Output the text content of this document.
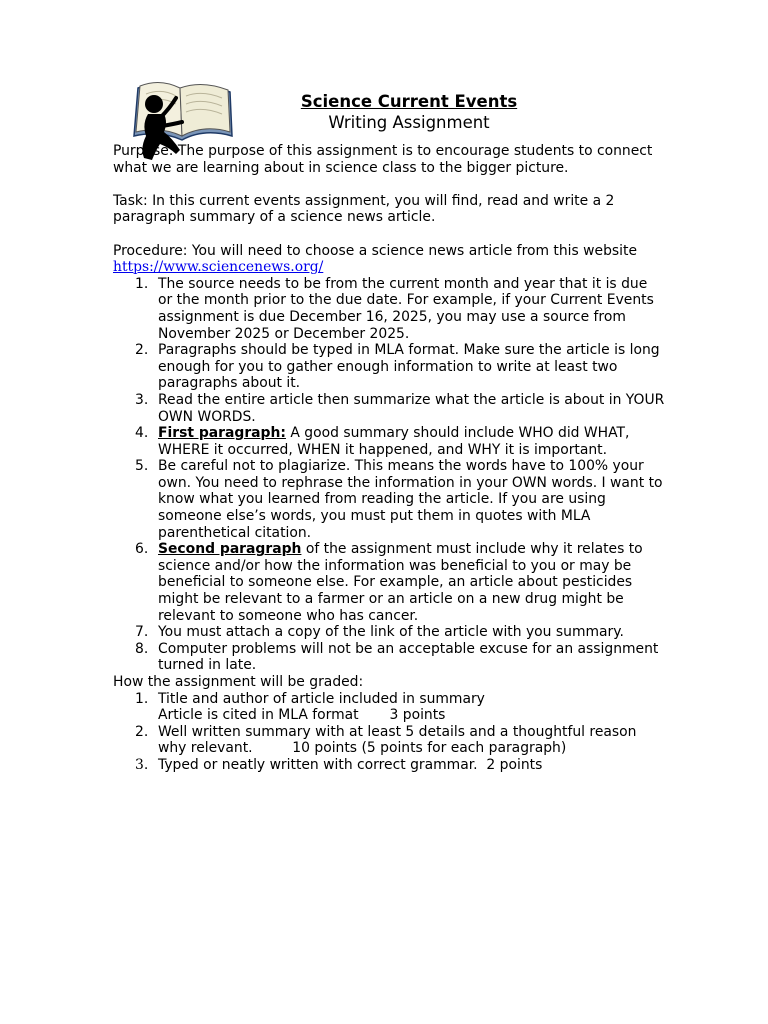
Science Current Events
Writing Assignment

Purpose: The purpose of this assignment is to encourage students to connect what we are learning about in science class to the bigger picture.

Task: In this current events assignment, you will find, read and write a 2 paragraph summary of a science news article.

Procedure: You will need to choose a science news article from this website

https://www.sciencenews.org/
1. The source needs to be from the current month and year that it is due or the month prior to the due date. For example, if your Current Events assignment is due December 16, 2025, you may use a source from November 2025 or December 2025.
2. Paragraphs should be typed in MLA format. Make sure the article is long enough for you to gather enough information to write at least two paragraphs about it.
3. Read the entire article then summarize what the article is about in YOUR OWN WORDS.
4. First paragraph: A good summary should include WHO did WHAT, WHERE it occurred, WHEN it happened, and WHY it is important.
5. Be careful not to plagiarize. This means the words have to 100% your own. You need to rephrase the information in your OWN words. I want to know what you learned from reading the article. If you are using someone else’s words, you must put them in quotes with MLA parenthetical citation.
6. Second paragraph of the assignment must include why it relates to science and/or how the information was beneficial to you or may be beneficial to someone else. For example, an article about pesticides might be relevant to a farmer or an article on a new drug might be relevant to someone who has cancer.
7. You must attach a copy of the link of the article with you summary.
8. Computer problems will not be an acceptable excuse for an assignment turned in late.

How the assignment will be graded:

1. Title and author of article included in summary
Article is cited in MLA format       3 points
2. Well written summary with at least 5 details and a thoughtful reason why relevant.         10 points (5 points for each paragraph)
3. Typed or neatly written with correct grammar.  2 points
